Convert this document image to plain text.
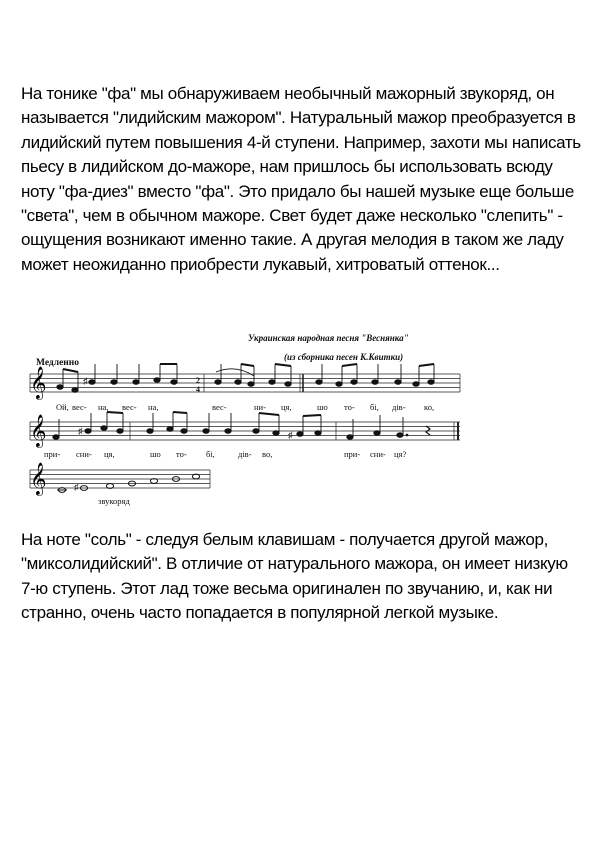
На тонике "фа" мы обнаруживаем необычный мажорный звукоряд, он называется "лидийским мажором". Натуральный мажор преобразуется в лидийский путем повышения 4-й ступени. Например, захоти мы написать пьесу в лидийском до-мажоре, нам пришлось бы использовать всюду ноту "фа-диез" вместо "фа". Это придало бы нашей музыке еще больше "света", чем в обычном мажоре. Свет будет даже несколько "слепить" - ощущения возникают именно такие. А другая мелодия в таком же ладу может неожиданно приобрести лукавый, хитроватый оттенок...

Украинская народная песня "Веснянка"
(из сборника песен К.Квитки)
Медленно
𝄞	2
4
♯
Ой, вес- на, вес- на,	вес-	ни- ця,	шо то- бі, дів- ко,
𝄞	♯	♯
при- сни- ця,	шо то- бі,	дів- во,	при- сни- ця?
𝄞	♯
звукоряд

На ноте "соль" - следуя белым клавишам - получается другой мажор, "миксолидийский". В отличие от натурального мажора, он имеет низкую 7-ю ступень. Этот лад тоже весьма оригинален по звучанию, и, как ни странно, очень часто попадается в популярной легкой музыке.
